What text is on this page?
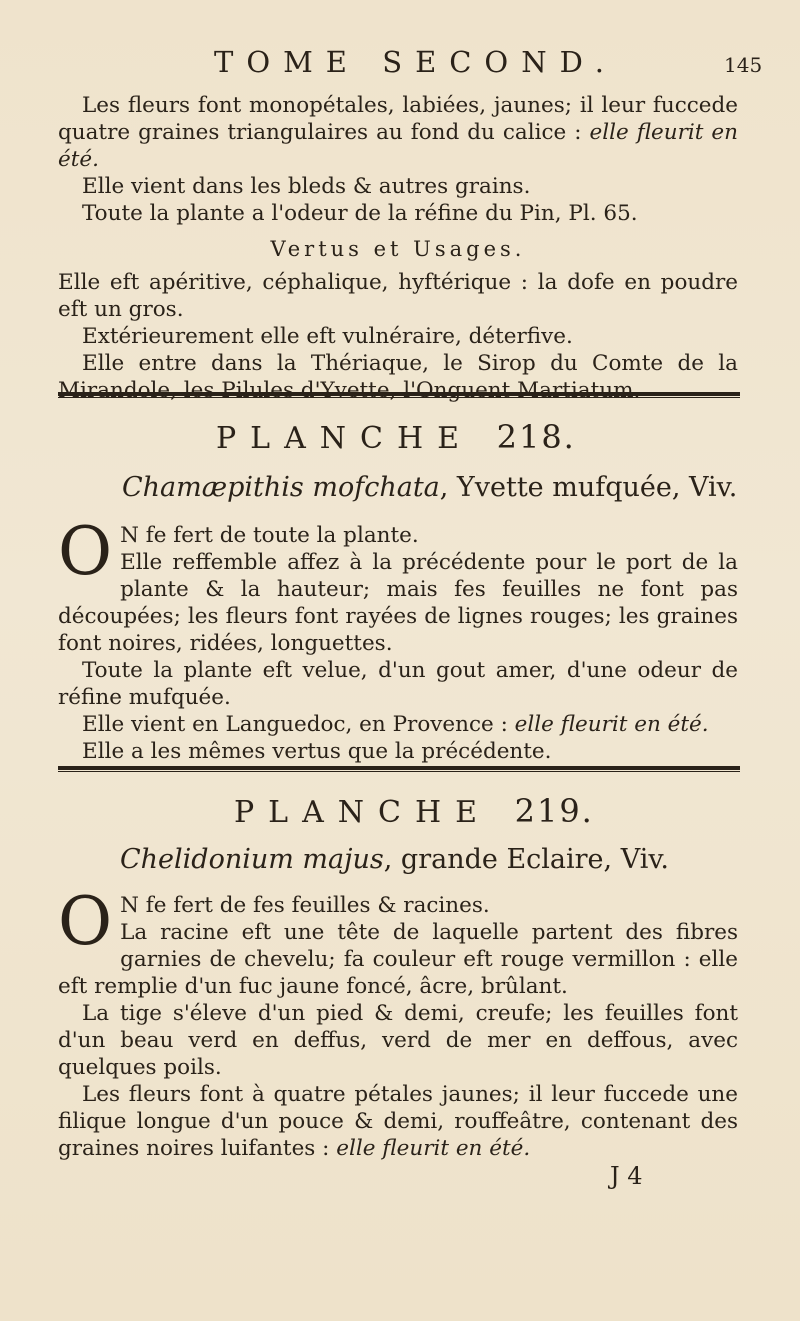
TOME SECOND.	145

Les fleurs font monopétales, labiées, jaunes; il leur fuccede quatre graines triangulaires au fond du calice : elle fleurit en été.

Elle vient dans les bleds & autres grains.

Toute la plante a l'odeur de la réfine du Pin, Pl. 65.

Vertus et Usages.

Elle eft apéritive, céphalique, hyftérique : la dofe en poudre eft un gros.

Extérieurement elle eft vulnéraire, déterfive.

Elle entre dans la Thériaque, le Sirop du Comte de la Mirandole, les Pilules d'Yvette, l'Onguent Martiatum.

PLANCHE 218.
Chamæpithis mofchata, Yvette mufquée, Viv.
O N fe fert de toute la plante.

Elle reffemble affez à la précédente pour le port de la plante & la hauteur; mais fes feuilles ne font pas découpées; les fleurs font rayées de lignes rouges; les graines font noires, ridées, longuettes.

Toute la plante eft velue, d'un gout amer, d'une odeur de réfine mufquée.

Elle vient en Languedoc, en Provence : elle fleurit en été.

Elle a les mêmes vertus que la précédente.

PLANCHE 219.
Chelidonium majus, grande Eclaire, Viv.
O N fe fert de fes feuilles & racines.

La racine eft une tête de laquelle partent des fibres garnies de chevelu; fa couleur eft rouge vermillon : elle eft remplie d'un fuc jaune foncé, âcre, brûlant.

La tige s'éleve d'un pied & demi, creufe; les feuilles font d'un beau verd en deffus, verd de mer en deffous, avec quelques poils.

Les fleurs font à quatre pétales jaunes; il leur fuccede une filique longue d'un pouce & demi, rouffeâtre, contenant des graines noires luifantes : elle fleurit en été.

J 4
